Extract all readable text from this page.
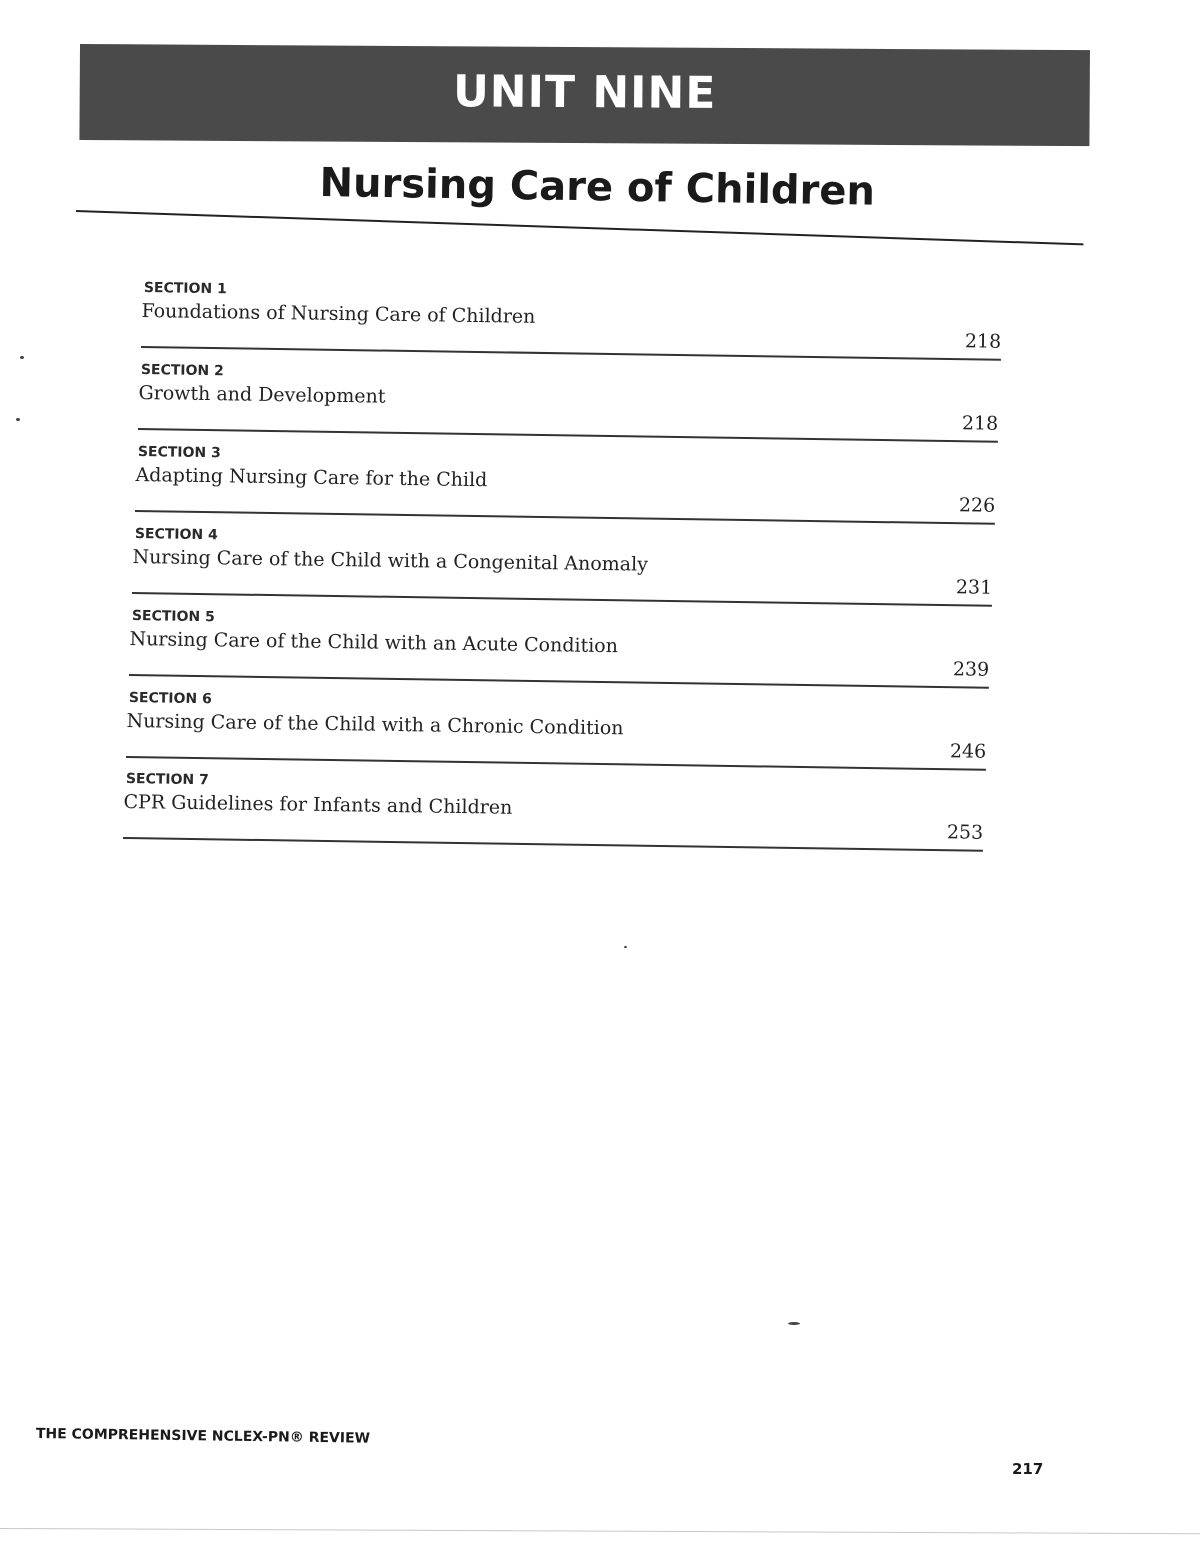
UNIT NINE
Nursing Care of Children
SECTION 1
Foundations of Nursing Care of Children
218
SECTION 2
Growth and Development
218
SECTION 3
Adapting Nursing Care for the Child
226
SECTION 4
Nursing Care of the Child with a Congenital Anomaly
231
SECTION 5
Nursing Care of the Child with an Acute Condition
239
SECTION 6
Nursing Care of the Child with a Chronic Condition
246
SECTION 7
CPR Guidelines for Infants and Children
253
THE COMPREHENSIVE NCLEX-PN® REVIEW
217
